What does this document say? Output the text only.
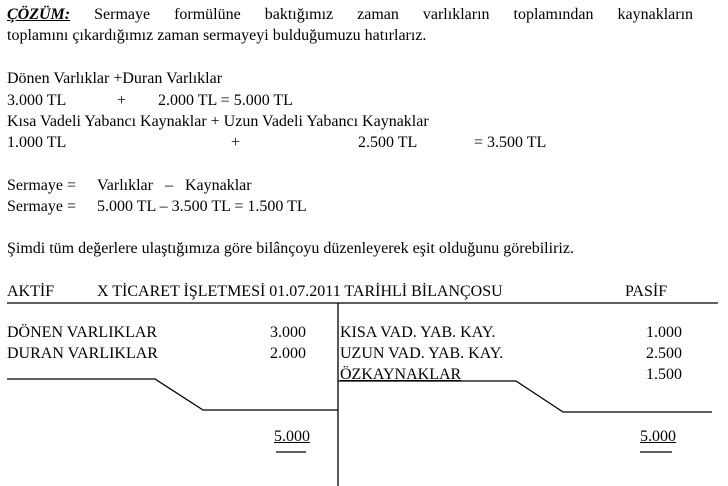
ÇÖZÜM: Sermaye formülüne baktığımız zaman varlıkların toplamından kaynakların
toplamını çıkardığımız zaman sermayeyi bulduğumuzu hatırlarız.
Dönen Varlıklar +Duran Varlıklar
3.000 TL	+ 2.000 TL = 5.000 TL
Kısa Vadeli Yabancı Kaynaklar + Uzun Vadeli Yabancı Kaynaklar
1.000 TL	+	2.500 TL	= 3.500 TL
Sermaye = Varlıklar   –   Kaynaklar
Sermaye = 5.000 TL – 3.500 TL = 1.500 TL
Şimdi tüm değerlere ulaştığımıza göre bilânçoyu düzenleyerek eşit olduğunu görebiliriz.
AKTİF	X TİCARET İŞLETMESİ 01.07.2011 TARİHLİ BİLANÇOSU	PASİF
DÖNEN VARLIKLAR	3.000
DURAN VARLIKLAR	2.000
KISA VAD. YAB. KAY.	1.000
UZUN VAD. YAB. KAY.	2.500
ÖZKAYNAKLAR	1.500
5.000	5.000
